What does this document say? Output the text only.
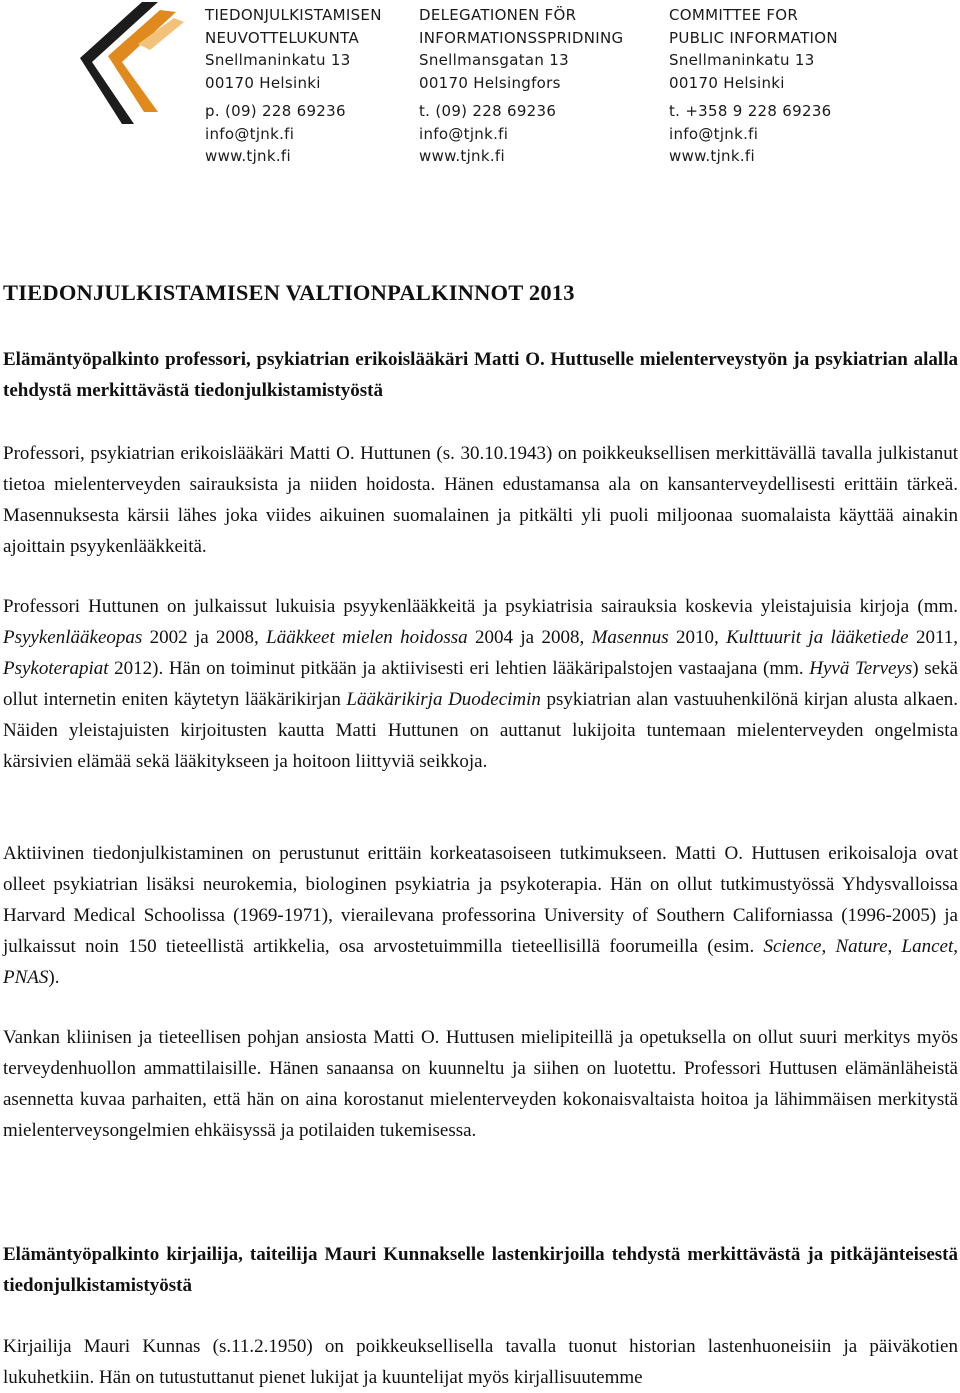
TIEDONJULKISTAMISEN
NEUVOTTELUKUNTA
Snellmaninkatu 13
00170 Helsinki
p. (09) 228 69236
info@tjnk.fi
www.tjnk.fi
DELEGATIONEN FÖR
INFORMATIONSSPRIDNING
Snellmansgatan 13
00170 Helsingfors
t. (09) 228 69236
info@tjnk.fi
www.tjnk.fi
COMMITTEE FOR
PUBLIC INFORMATION
Snellmaninkatu 13
00170 Helsinki
t. +358 9 228 69236
info@tjnk.fi
www.tjnk.fi
TIEDONJULKISTAMISEN VALTIONPALKINNOT 2013

Elämäntyöpalkinto professori, psykiatrian erikoislääkäri Matti O. Huttuselle mielenterveystyön ja psykiatrian alalla tehdystä merkittävästä tiedonjulkistamistyöstä

Professori, psykiatrian erikoislääkäri Matti O. Huttunen (s. 30.10.1943) on poikkeuksellisen merkittävällä tavalla julkistanut tietoa mielenterveyden sairauksista ja niiden hoidosta. Hänen edustamansa ala on kansanterveydellisesti erittäin tärkeä. Masennuksesta kärsii lähes joka viides aikuinen suomalainen ja pitkälti yli puoli miljoonaa suomalaista käyttää ainakin ajoittain psyykenlääkkeitä.

Professori Huttunen on julkaissut lukuisia psyykenlääkkeitä ja psykiatrisia sairauksia koskevia yleistajuisia kirjoja (mm. Psyykenlääkeopas 2002 ja 2008, Lääkkeet mielen hoidossa 2004 ja 2008, Masennus 2010, Kulttuurit ja lääketiede 2011, Psykoterapiat 2012). Hän on toiminut pitkään ja aktiivisesti eri lehtien lääkäripalstojen vastaajana (mm. Hyvä Terveys) sekä ollut internetin eniten käytetyn lääkärikirjan Lääkärikirja Duodecimin psykiatrian alan vastuuhenkilönä kirjan alusta alkaen. Näiden yleistajuisten kirjoitusten kautta Matti Huttunen on auttanut lukijoita tuntemaan mielenterveyden ongelmista kärsivien elämää sekä lääkitykseen ja hoitoon liittyviä seikkoja.

Aktiivinen tiedonjulkistaminen on perustunut erittäin korkeatasoiseen tutkimukseen. Matti O. Huttusen erikoisaloja ovat olleet psykiatrian lisäksi neurokemia, biologinen psykiatria ja psykoterapia. Hän on ollut tutkimustyössä Yhdysvalloissa Harvard Medical Schoolissa (1969-1971), vierailevana professorina University of Southern Californiassa (1996-2005) ja julkaissut noin 150 tieteellistä artikkelia, osa arvostetuimmilla tieteellisillä foorumeilla (esim. Science, Nature, Lancet, PNAS).

Vankan kliinisen ja tieteellisen pohjan ansiosta Matti O. Huttusen mielipiteillä ja opetuksella on ollut suuri merkitys myös terveydenhuollon ammattilaisille. Hänen sanaansa on kuunneltu ja siihen on luotettu. Professori Huttusen elämänläheistä asennetta kuvaa parhaiten, että hän on aina korostanut mielenterveyden kokonaisvaltaista hoitoa ja lähimmäisen merkitystä mielenterveysongelmien ehkäisyssä ja potilaiden tukemisessa.

Elämäntyöpalkinto kirjailija, taiteilija Mauri Kunnakselle lastenkirjoilla tehdystä merkittävästä ja pitkäjänteisestä tiedonjulkistamistyöstä

Kirjailija Mauri Kunnas (s.11.2.1950) on poikkeuksellisella tavalla tuonut historian lastenhuoneisiin ja päiväkotien lukuhetkiin. Hän on tutustuttanut pienet lukijat ja kuuntelijat myös kirjallisuutemme
